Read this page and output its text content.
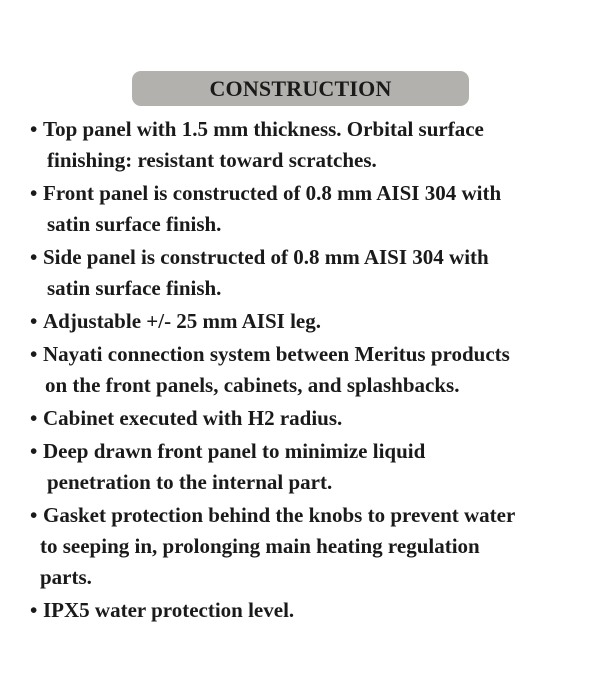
CONSTRUCTION
• Top panel with 1.5 mm thickness. Orbital surface
finishing: resistant toward scratches.
• Front panel is constructed of 0.8 mm AISI 304 with
satin surface finish.
• Side panel is constructed of 0.8 mm AISI 304 with
satin surface finish.
• Adjustable +/- 25 mm AISI leg.
• Nayati connection system between Meritus products
on the front panels, cabinets, and splashbacks.
• Cabinet executed with H2 radius.
• Deep drawn front panel to minimize liquid
penetration to the internal part.
• Gasket protection behind the knobs to prevent water
to seeping in, prolonging main heating regulation
parts.
• IPX5 water protection level.
